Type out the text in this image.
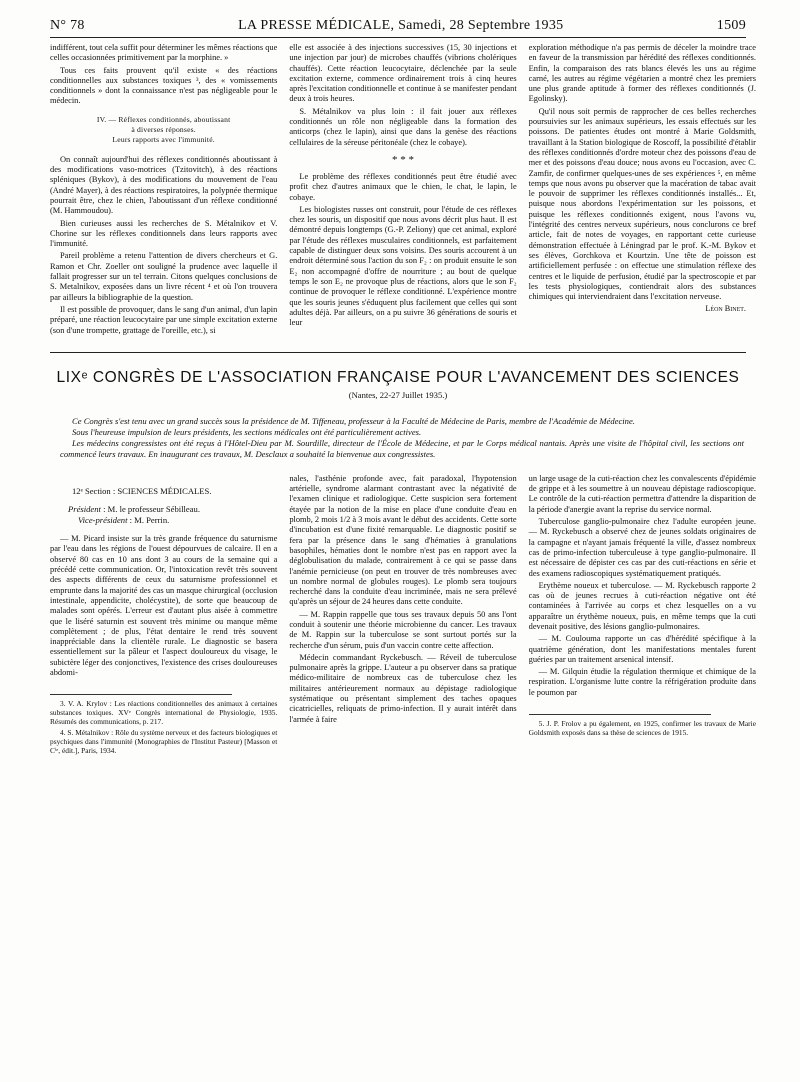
N° 78	LA PRESSE MÉDICALE, Samedi, 28 Septembre 1935	1509

indifférent, tout cela suffit pour déterminer les mêmes réactions que celles occasionnées primitivement par la morphine. »

Tous ces faits prouvent qu'il existe « des réactions conditionnelles aux substances toxiques ³, des « vomissements conditionnels » dont la connaissance n'est pas négligeable pour le médecin.

IV. — Réflexes conditionnés, aboutissant
à diverses réponses.
Leurs rapports avec l'immunité.

On connaît aujourd'hui des réflexes conditionnés aboutissant à des modifications vaso-motrices (Tzitovitch), à des réactions spléniques (Bykov), à des modifications du mouvement de l'eau (André Mayer), à des réactions respiratoires, la polypnée thermique pourrait être, chez le chien, l'aboutissant d'un réflexe conditionné (M. Hammoudou).

Bien curieuses aussi les recherches de S. Métalnikov et V. Chorine sur les réflexes conditionnels dans leurs rapports avec l'immunité.

Pareil problème a retenu l'attention de divers chercheurs et G. Ramon et Chr. Zoeller ont souligné la prudence avec laquelle il fallait progresser sur un tel terrain. Citons quelques conclusions de S. Metalnikov, exposées dans un livre récent ⁴ et où l'on trouvera par ailleurs la bibliographie de la question.

Il est possible de provoquer, dans le sang d'un animal, d'un lapin préparé, une réaction leucocytaire par une simple excitation externe (son d'une trompette, grattage de l'oreille, etc.), si

elle est associée à des injections successives (15, 30 injections et une injection par jour) de microbes chauffés (vibrions cholériques chauffés). Cette réaction leucocytaire, déclenchée par la seule excitation externe, commence ordinairement trois à cinq heures après l'excitation conditionnelle et continue à se manifester pendant deux à trois heures.

S. Métalnikov va plus loin : il fait jouer aux réflexes conditionnés un rôle non négligeable dans la formation des anticorps (chez le lapin), ainsi que dans la genèse des réactions cellulaires de la séreuse péritonéale (chez le cobaye).

* * *

Le problème des réflexes conditionnés peut être étudié avec profit chez d'autres animaux que le chien, le chat, le lapin, le cobaye.

Les biologistes russes ont construit, pour l'étude de ces réflexes chez les souris, un dispositif que nous avons décrit plus haut. Il est démontré depuis longtemps (G.-P. Zeliony) que cet animal, exploré par l'étude des réflexes musculaires conditionnels, est parfaitement capable de distinguer deux sons voisins. Des souris accourent à un endroit déterminé sous l'action du son F₂ : on produit ensuite le son E₂ non accompagné d'offre de nourriture ; au bout de quelque temps le son E₂ ne provoque plus de réactions, alors que le son F₂ continue de provoquer le réflexe conditionné. L'expérience montre que les souris jeunes s'éduquent plus facilement que celles qui sont adultes déjà. Par ailleurs, on a pu suivre 36 générations de souris et leur

exploration méthodique n'a pas permis de déceler la moindre trace en faveur de la transmission par hérédité des réflexes conditionnés. Enfin, la comparaison des rats blancs élevés les uns au régime carné, les autres au régime végétarien a montré chez les premiers une plus grande aptitude à former des réflexes conditionnés (J. Egolinsky).

Qu'il nous soit permis de rapprocher de ces belles recherches poursuivies sur les animaux supérieurs, les essais effectués sur les poissons. De patientes études ont montré à Marie Goldsmith, travaillant à la Station biologique de Roscoff, la possibilité d'établir des réflexes conditionnés d'ordre moteur chez des poissons d'eau de mer et des poissons d'eau douce; nous avons eu l'occasion, avec C. Zamfir, de confirmer quelques-unes de ses expériences ⁵, en même temps que nous avons pu observer que la macération de tabac avait le pouvoir de supprimer les réflexes conditionnés installés... Et, puisque nous abordons l'expérimentation sur les poissons, et puisque les réflexes conditionnés exigent, nous l'avons vu, l'intégrité des centres nerveux supérieurs, nous conclurons ce bref article, fait de notes de voyages, en rapportant cette curieuse démonstration effectuée à Léningrad par le prof. K.-M. Bykov et ses élèves, Gorchkova et Kourtzin. Une tête de poisson est artificiellement perfusée : on effectue une stimulation réflexe des centres et le liquide de perfusion, étudié par la spectroscopie et par les tests physiologiques, contiendrait alors des substances chimiques qui interviendraient dans l'excitation nerveuse.

Léon Binet.
LIXᵉ CONGRÈS DE L'ASSOCIATION FRANÇAISE POUR L'AVANCEMENT DES SCIENCES
(Nantes, 22-27 Juillet 1935.)

Ce Congrès s'est tenu avec un grand succès sous la présidence de M. Tiffeneau, professeur à la Faculté de Médecine de Paris, membre de l'Académie de Médecine.

Sous l'heureuse impulsion de leurs présidents, les sections médicales ont été particulièrement actives.

Les médecins congressistes ont été reçus à l'Hôtel-Dieu par M. Sourdille, directeur de l'École de Médecine, et par le Corps médical nantais. Après une visite de l'hôpital civil, les sections ont commencé leurs travaux. En inaugurant ces travaux, M. Desclaux a souhaité la bienvenue aux congressistes.

12ᵉ Section : SCIENCES MÉDICALES.
Président : M. le professeur Sébilleau.
Vice-président : M. Perrin.

— M. Picard insiste sur la très grande fréquence du saturnisme par l'eau dans les régions de l'ouest dépourvues de calcaire. Il en a observé 80 cas en 10 ans dont 3 au cours de la semaine qui a précédé cette communication. Or, l'intoxication revêt très souvent des aspects différents de ceux du saturnisme professionnel et emprunte dans la majorité des cas un masque chirurgical (occlusion intestinale, appendicite, cholécystite), de sorte que beaucoup de malades sont opérés. L'erreur est d'autant plus aisée à commettre que le liséré saturnin est souvent très minime ou manque même complètement ; de plus, l'état dentaire le rend très souvent inappréciable dans la clientèle rurale. Le diagnostic se basera essentiellement sur la pâleur et l'aspect douloureux du visage, le subictère léger des conjonctives, l'existence des crises douloureuses abdomi-

3. V. A. Krylov : Les réactions conditionnelles des animaux à certaines substances toxiques. XVᵉ Congrès international de Physiologie, 1935. Résumés des communications, p. 217.

4. S. Métalnikov : Rôle du système nerveux et des facteurs biologiques et psychiques dans l'immunité (Monographies de l'Institut Pasteur) [Masson et Cⁱᵉ, édit.], Paris, 1934.

nales, l'asthénie profonde avec, fait paradoxal, l'hypotension artérielle, syndrome alarmant contrastant avec la négativité de l'examen clinique et radiologique. Cette suspicion sera fortement étayée par la notion de la mise en place d'une conduite d'eau en plomb, 2 mois 1/2 à 3 mois avant le début des accidents. Cette sorte d'incubation est d'une fixité remarquable. Le diagnostic positif se fera par la présence dans le sang d'hématies à granulations basophiles, hématies dont le nombre n'est pas en rapport avec la déglobulisation du malade, contrairement à ce qui se passe dans l'anémie pernicieuse (on peut en trouver de très nombreuses avec un nombre normal de globules rouges). Le plomb sera toujours recherché dans la conduite d'eau incriminée, mais ne sera prélevé qu'après un séjour de 24 heures dans cette conduite.

— M. Rappin rappelle que tous ses travaux depuis 50 ans l'ont conduit à soutenir une théorie microbienne du cancer. Les travaux de M. Rappin sur la tuberculose se sont surtout portés sur la recherche d'un sérum, puis d'un vaccin contre cette affection.

Médecin commandant Ryckebusch. — Réveil de tuberculose pulmonaire après la grippe. L'auteur a pu observer dans sa pratique médico-militaire de nombreux cas de tuberculose chez les militaires antérieurement normaux au dépistage radiologique systématique ou présentant simplement des taches opaques cicatricielles, reliquats de primo-infection. Il y aurait intérêt dans l'armée à faire

un large usage de la cuti-réaction chez les convalescents d'épidémie de grippe et à les soumettre à un nouveau dépistage radioscopique. Le contrôle de la cuti-réaction permettra d'attendre la disparition de la période d'anergie avant la reprise du service normal.

Tuberculose ganglio-pulmonaire chez l'adulte européen jeune. — M. Ryckebusch a observé chez de jeunes soldats originaires de la campagne et n'ayant jamais fréquenté la ville, d'assez nombreux cas de primo-infection tuberculeuse à type ganglio-pulmonaire. Il est nécessaire de dépister ces cas par des cuti-réactions en série et des examens radioscopiques systématiquement pratiqués.

Erythème noueux et tuberculose. — M. Ryckebusch rapporte 2 cas où de jeunes recrues à cuti-réaction négative ont été contaminées à l'arrivée au corps et chez lesquelles on a vu apparaître un érythème noueux, puis, en même temps que la cuti devenait positive, des lésions ganglio-pulmonaires.

— M. Coulouma rapporte un cas d'hérédité spécifique à la quatrième génération, dont les manifestations mentales furent guéries par un traitement arsenical intensif.

— M. Gilquin étudie la régulation thermique et chimique de la respiration. L'organisme lutte contre la réfrigération produite dans le poumon par

5. J. P. Frolov a pu également, en 1925, confirmer les travaux de Marie Goldsmith exposés dans sa thèse de sciences de 1915.
